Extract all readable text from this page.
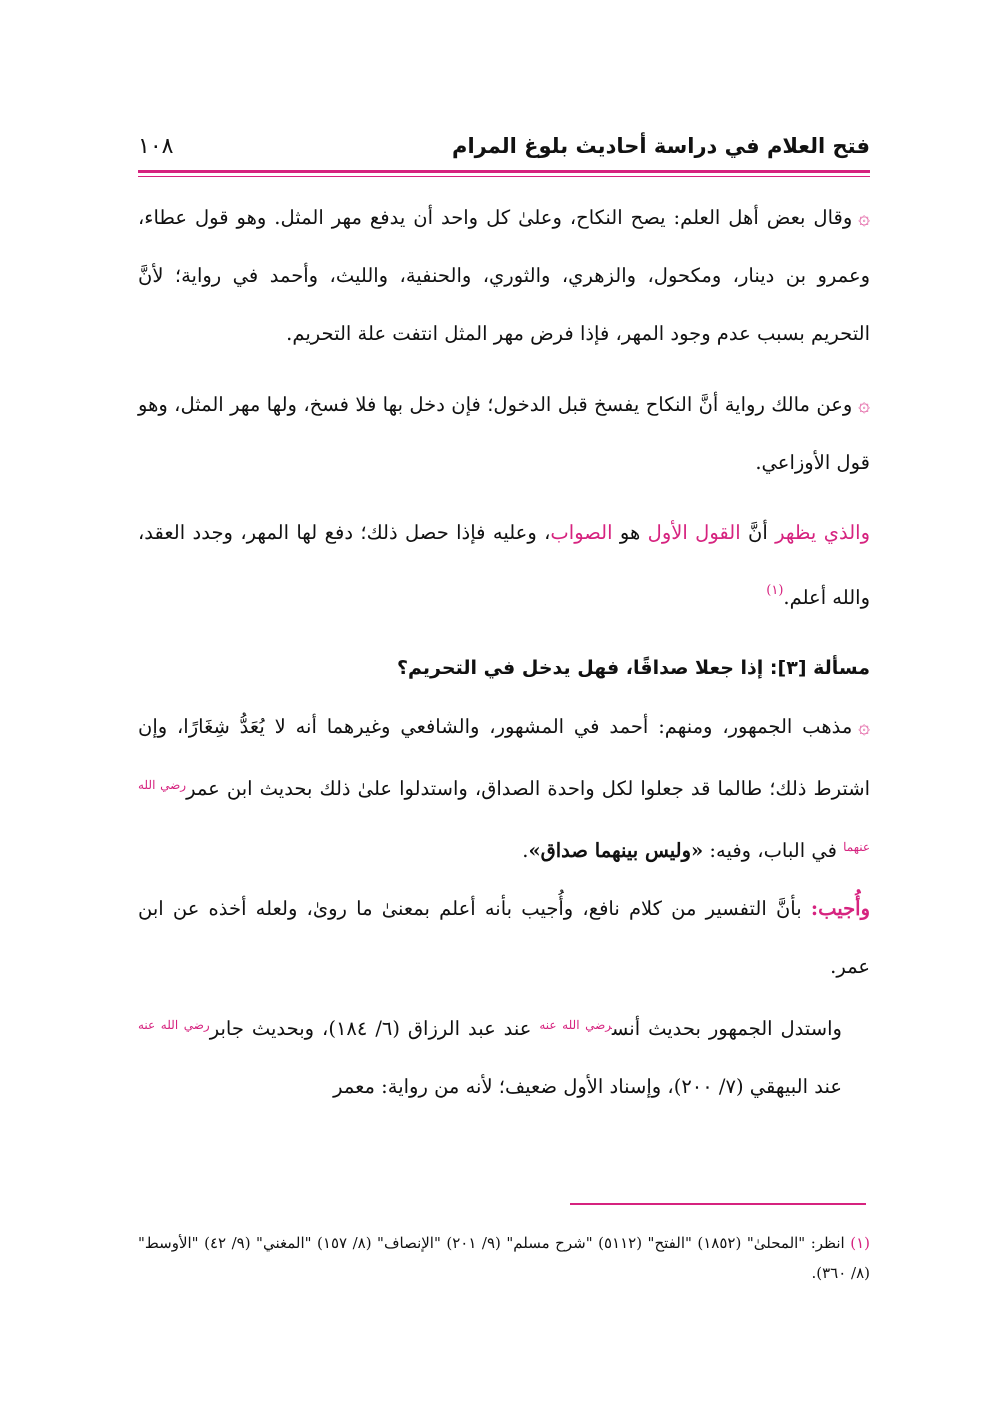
فتح العلام في دراسة أحاديث بلوغ المرام
١٠٨

۞وقال بعض أهل العلم: يصح النكاح، وعلىٰ كل واحد أن يدفع مهر المثل. وهو قول عطاء، وعمرو بن دينار، ومكحول، والزهري، والثوري، والحنفية، والليث، وأحمد في رواية؛ لأنَّ التحريم بسبب عدم وجود المهر، فإذا فرض مهر المثل انتفت علة التحريم.

۞وعن مالك رواية أنَّ النكاح يفسخ قبل الدخول؛ فإن دخل بها فلا فسخ، ولها مهر المثل، وهو قول الأوزاعي.

والذي يظهر أنَّ القول الأول هو الصواب، وعليه فإذا حصل ذلك؛ دفع لها المهر، وجدد العقد، والله أعلم.$^{(١)}$

مسألة [٣]: إذا جعلا صداقًا، فهل يدخل في التحريم؟

۞مذهب الجمهور، ومنهم: أحمد في المشهور، والشافعي وغيرهما أنه لا يُعَدُّ شِغَارًا، وإن اشترط ذلك؛ طالما قد جعلوا لكل واحدة الصداق، واستدلوا علىٰ ذلك بحديث ابن عمر$^{رضي الله عنهما}$ في الباب، وفيه: «وليس بينهما صداق».

وأُجيب: بأنَّ التفسير من كلام نافع، وأُجيب بأنه أعلم بمعنىٰ ما روىٰ، ولعله أخذه عن ابن عمر.

واستدل الجمهور بحديث أنس$^{رضي الله عنه}$ عند عبد الرزاق (٦/ ١٨٤)، وبحديث جابر$^{رضي الله عنه}$ عند البيهقي (٧/ ٢٠٠)، وإسناد الأول ضعيف؛ لأنه من رواية: معمر

(١) انظر: "المحلىٰ" (١٨٥٢) "الفتح" (٥١١٢) "شرح مسلم" (٩/ ٢٠١) "الإنصاف" (٨/ ١٥٧) "المغني" (٩/ ٤٢) "الأوسط" (٨/ ٣٦٠).
